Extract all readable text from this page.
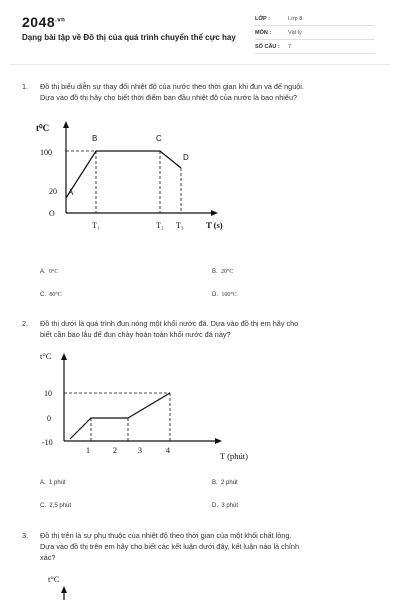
$2048^{.vn}$
Dạng bài tập về Đồ thị của quá trình chuyển thể cực hay
LỚP :	Lớp 8
MÔN :	Vật lý
SỐ CÂU : 7
1. Đồ thị biểu diễn sự thay đổi nhiệt độ của nước theo thời gian khi đun và để nguội.
Dựa vào đồ thị hãy cho biết thời điểm ban đầu nhiệt độ của nước là bao nhiêu?
t⁰C
100
20
O
A
B	C
D
T₁	T₂ T₃	T (s)
A. 0°C	B. 20°C
C. 80°C	D. 100°C
2. Đồ thị dưới là quá trình đun nóng một khối nước đá. Dựa vào đồ thị em hãy cho
biết cần bao lâu để đun chảy hoàn toàn khối nước đá này?
t°C
10
0
-10
1	2	3	4
T (phút)
A. 1 phút	B. 2 phút
C. 2,5 phút	D. 3 phút
3. Đồ thị trên là sự phụ thuộc của nhiệt độ theo thời gian của một khối chất lỏng.
Dựa vào đồ thị trên em hãy cho biết các kết luận dưới đây, kết luận nào là chính
xác?
t°C
